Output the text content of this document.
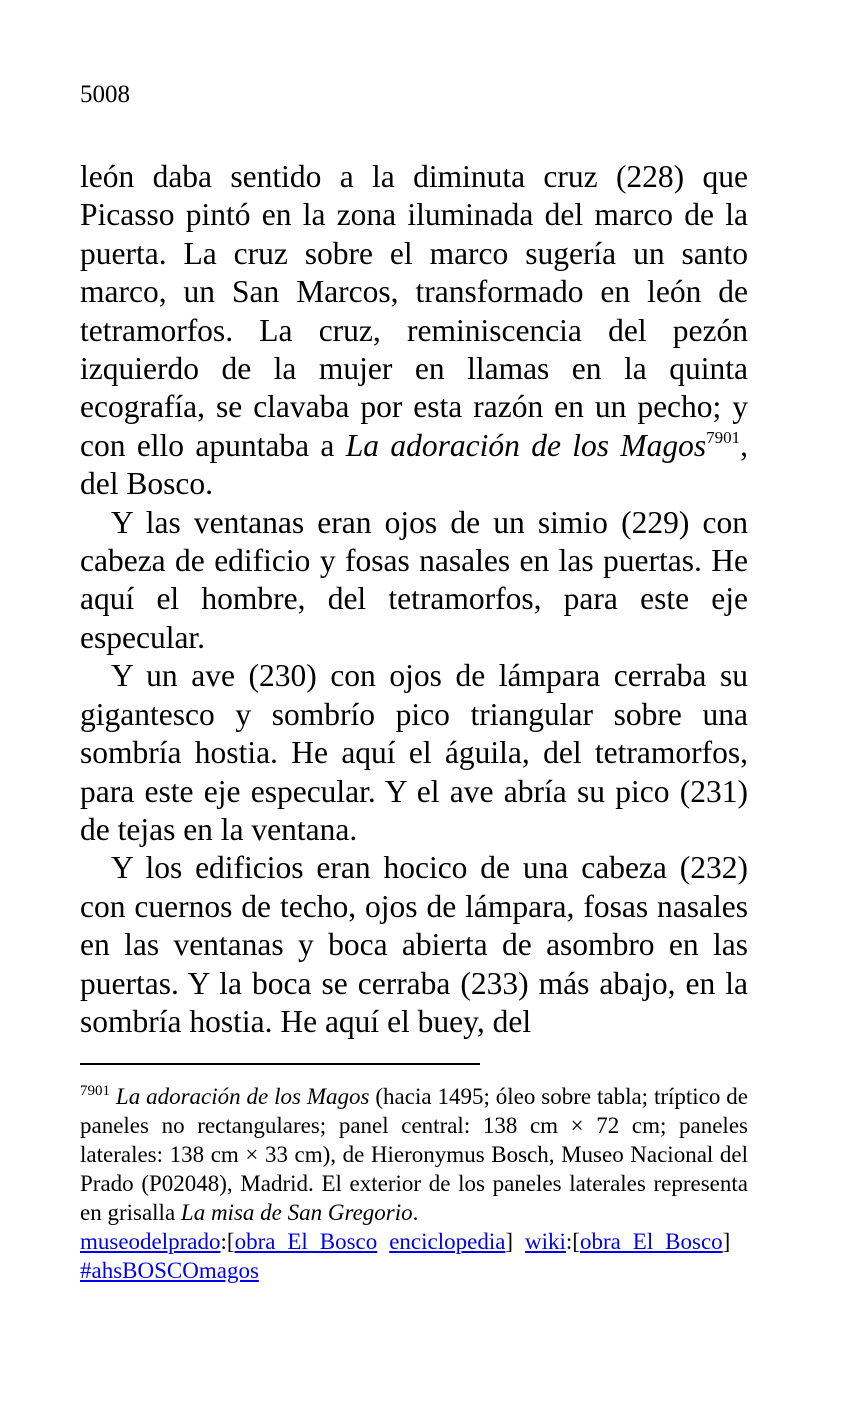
5008

león daba sentido a la diminuta cruz (228) que Picasso pintó en la zona iluminada del marco de la puerta. La cruz sobre el marco sugería un santo marco, un San Marcos, transformado en león de tetramorfos. La cruz, reminiscencia del pezón izquierdo de la mujer en llamas en la quinta ecografía, se clavaba por esta razón en un pecho; y con ello apuntaba a La adoración de los Magos$^{7901}$, del Bosco.

Y las ventanas eran ojos de un simio (229) con cabeza de edificio y fosas nasales en las puertas. He aquí el hombre, del tetramorfos, para este eje especular.

Y un ave (230) con ojos de lámpara cerraba su gigantesco y sombrío pico triangular sobre una sombría hostia. He aquí el águila, del tetramorfos, para este eje especular. Y el ave abría su pico (231) de tejas en la ventana.

Y los edificios eran hocico de una cabeza (232) con cuernos de techo, ojos de lámpara, fosas nasales en las ventanas y boca abierta de asombro en las puertas. Y la boca se cerraba (233) más abajo, en la sombría hostia. He aquí el buey, del

$^{7901}$ La adoración de los Magos (hacia 1495; óleo sobre tabla; tríptico de paneles no rectangulares; panel central: 138 cm × 72 cm; paneles laterales: 138 cm × 33 cm), de Hieronymus Bosch, Museo Nacional del Prado (P02048), Madrid. El exterior de los paneles laterales representa en grisalla La misa de San Gregorio.

museodelprado:[obra El Bosco enciclopedia] wiki:[obra El Bosco]   #ahsBOSCOmagos
